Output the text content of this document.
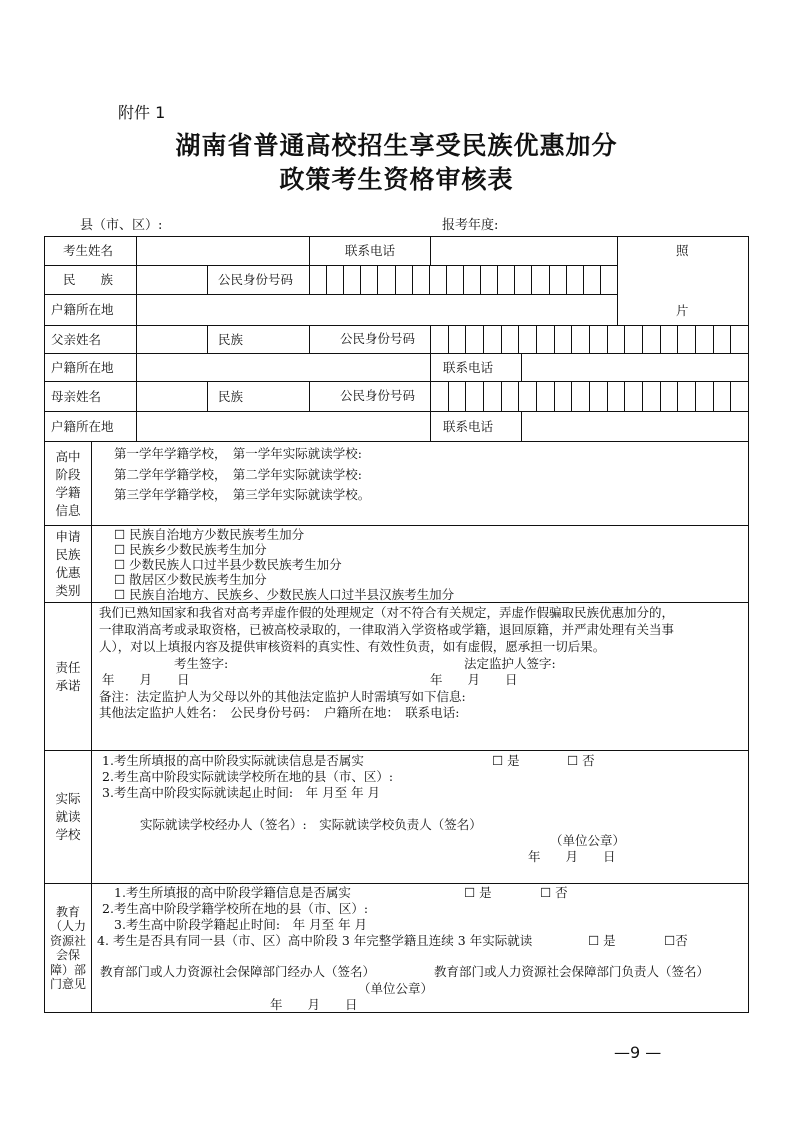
附件 1
湖南省普通高校招生享受民族优惠加分
政策考生资格审核表
县（市、区）:	报考年度:
考生姓名	联系电话	照
片
民　　族	公民身份号码
户籍所在地
父亲姓名	民族	公民身份号码
户籍所在地	联系电话
母亲姓名	民族	公民身份号码
户籍所在地	联系电话
高中阶段学籍信息
第一学年学籍学校，　第一学年实际就读学校:
第二学年学籍学校，　第二学年实际就读学校:
第三学年学籍学校，　第三学年实际就读学校。
申请民族优惠类别
☐ 民族自治地方少数民族考生加分
☐ 民族乡少数民族考生加分
☐ 少数民族人口过半县少数民族考生加分
☐ 散居区少数民族考生加分
☐ 民族自治地方、民族乡、少数民族人口过半县汉族考生加分
责任承诺
我们已熟知国家和我省对高考弄虚作假的处理规定（对不符合有关规定，弄虚作假骗取民族优惠加分的，
一律取消高考或录取资格，已被高校录取的，一律取消入学资格或学籍，退回原籍，并严肃处理有关当事
人），对以上填报内容及提供审核资料的真实性、有效性负责，如有虚假，愿承担一切后果。
考生签字:	法定监护人签字:
年　　月　　日	年　　月　　日
备注：法定监护人为父母以外的其他法定监护人时需填写如下信息:
其他法定监护人姓名：　公民身份号码：　户籍所在地：　联系电话:
实际就读学校
1.考生所填报的高中阶段实际就读信息是否属实	☐ 是	☐ 否
2.考生高中阶段实际就读学校所在地的县（市、区）:
3.考生高中阶段实际就读起止时间:　年 月至 年 月
实际就读学校经办人（签名）:　实际就读学校负责人（签名）
（单位公章）
年　　月　　日
教育（人力资源社会保障）部门意见
1.考生所填报的高中阶段学籍信息是否属实	☐ 是	☐ 否
2.考生高中阶段学籍学校所在地的县（市、区）:
3.考生高中阶段学籍起止时间:　年 月至 年 月
4. 考生是否具有同一县（市、区）高中阶段 3 年完整学籍且连续 3 年实际就读	☐ 是	☐否
教育部门或人力资源社会保障部门经办人（签名）	教育部门或人力资源社会保障部门负责人（签名）
（单位公章）
年　　月　　日
—9 —
